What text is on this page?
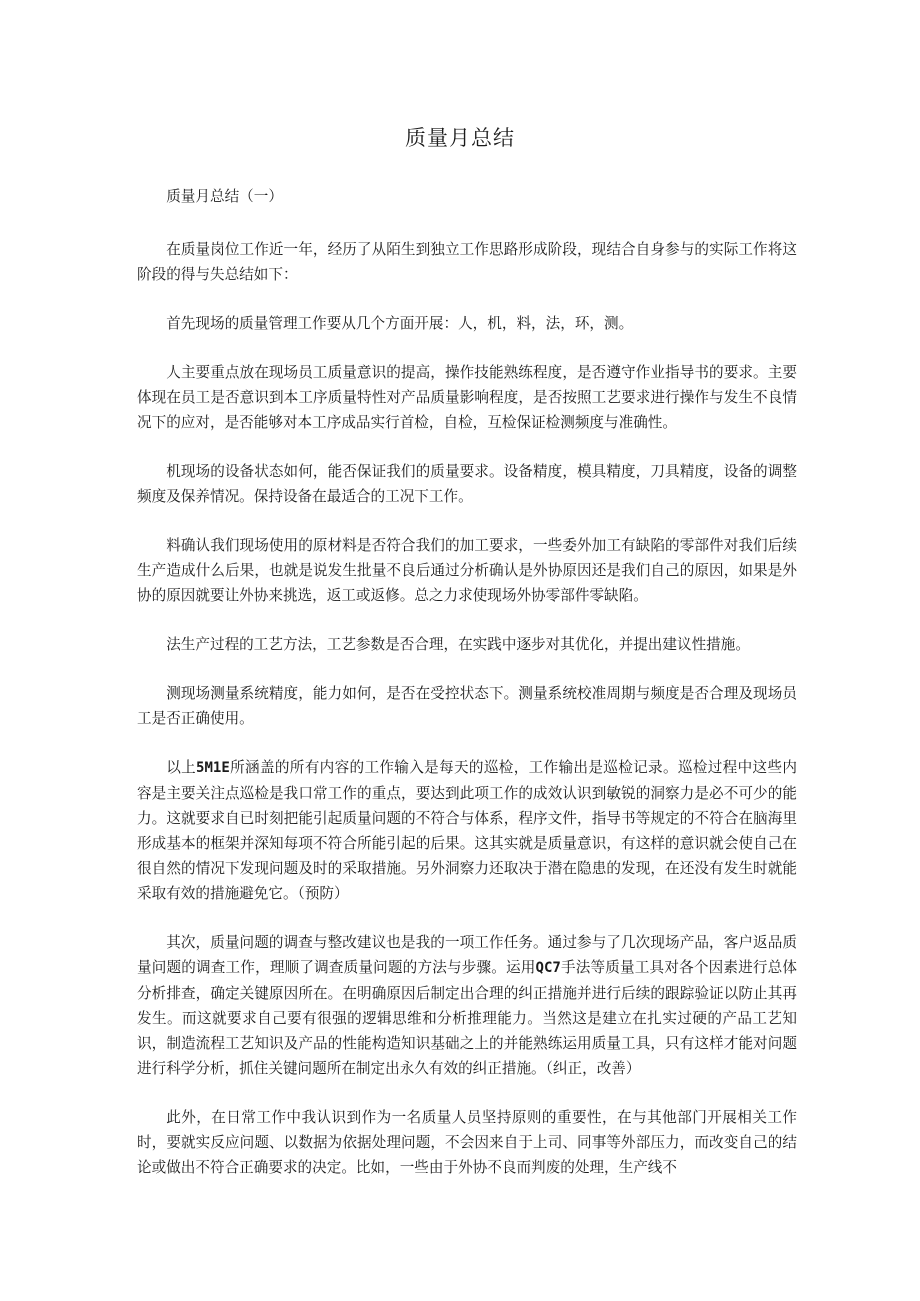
质量月总结

质量月总结（一）

在质量岗位工作近一年，经历了从陌生到独立工作思路形成阶段，现结合自身参与的实际工作将这阶段的得与失总结如下：

首先现场的质量管理工作要从几个方面开展：人，机，料，法，环，测。

人主要重点放在现场员工质量意识的提高，操作技能熟练程度，是否遵守作业指导书的要求。主要体现在员工是否意识到本工序质量特性对产品质量影响程度，是否按照工艺要求进行操作与发生不良情况下的应对，是否能够对本工序成品实行首检，自检，互检保证检测频度与准确性。

机现场的设备状态如何，能否保证我们的质量要求。设备精度，模具精度，刀具精度，设备的调整频度及保养情况。保持设备在最适合的工况下工作。

料确认我们现场使用的原材料是否符合我们的加工要求，一些委外加工有缺陷的零部件对我们后续生产造成什么后果，也就是说发生批量不良后通过分析确认是外协原因还是我们自己的原因，如果是外协的原因就要让外协来挑选，返工或返修。总之力求使现场外协零部件零缺陷。

法生产过程的工艺方法，工艺参数是否合理，在实践中逐步对其优化，并提出建议性措施。

测现场测量系统精度，能力如何，是否在受控状态下。测量系统校准周期与频度是否合理及现场员工是否正确使用。

以上5M1E所涵盖的所有内容的工作输入是每天的巡检，工作输出是巡检记录。巡检过程中这些内容是主要关注点巡检是我口常工作的重点，要达到此项工作的成效认识到敏锐的洞察力是必不可少的能力。这就要求自已时刻把能引起质量问题的不符合与体系，程序文件，指导书等规定的不符合在脑海里形成基本的框架并深知每项不符合所能引起的后果。这其实就是质量意识，有这样的意识就会使自己在很自然的情况下发现问题及时的采取措施。另外洞察力还取决于潜在隐患的发现，在还没有发生时就能采取有效的措施避免它。（预防）

其次，质量问题的调查与整改建议也是我的一项工作任务。通过参与了几次现场产品，客户返品质量问题的调查工作，理顺了调查质量问题的方法与步骤。运用QC7手法等质量工具对各个因素进行总体分析排查，确定关键原因所在。在明确原因后制定出合理的纠正措施并进行后续的跟踪验证以防止其再发生。而这就要求自己要有很强的逻辑思维和分析推理能力。当然这是建立在扎实过硬的产品工艺知识，制造流程工艺知识及产品的性能构造知识基础之上的并能熟练运用质量工具，只有这样才能对问题进行科学分析，抓住关键问题所在制定出永久有效的纠正措施。（纠正，改善）

此外，在日常工作中我认识到作为一名质量人员坚持原则的重要性，在与其他部门开展相关工作时，要就实反应问题、以数据为依据处理问题，不会因来自于上司、同事等外部压力，而改变自己的结论或做出不符合正确要求的决定。比如，一些由于外协不良而判废的处理，生产线不
